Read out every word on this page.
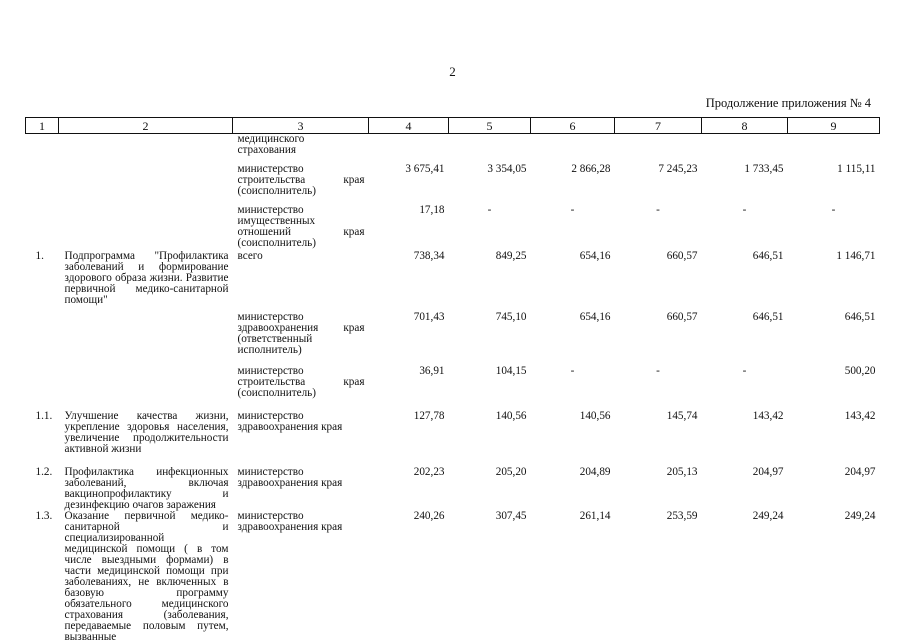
2
Продолжение приложения № 4
1	2	3	4	5	6	7	8	9
		медицинского страхования						
		министерство строительства края (соисполнитель)	3 675,41	3 354,05	2 866,28	7 245,23	1 733,45	1 115,11
		министерство имущественных отношений края (соисполнитель)	17,18	-	-	-	-	-
1.	Подпрограмма "Профилактика заболеваний и формирование здорового образа жизни. Развитие первичной медико-санитарной помощи"	всего	738,34	849,25	654,16	660,57	646,51	1 146,71
		министерство здравоохранения края (ответственный исполнитель)	701,43	745,10	654,16	660,57	646,51	646,51
		министерство строительства края (соисполнитель)	36,91	104,15	-	-	-	500,20
1.1.	Улучшение качества жизни, укрепление здоровья населения, увеличение продолжительности активной жизни	министерство здравоохранения края	127,78	140,56	140,56	145,74	143,42	143,42
1.2.	Профилактика инфекционных заболеваний, включая вакцинопрофилактику и дезинфекцию очагов заражения	министерство здравоохранения края	202,23	205,20	204,89	205,13	204,97	204,97
1.3.	Оказание первичной медико-санитарной и специализированной медицинской помощи ( в том числе выездными формами) в части медицинской помощи при заболеваниях, не включенных в базовую программу обязательного медицинского страхования (заболевания, передаваемые половым путем, вызванные	министерство здравоохранения края	240,26	307,45	261,14	253,59	249,24	249,24
